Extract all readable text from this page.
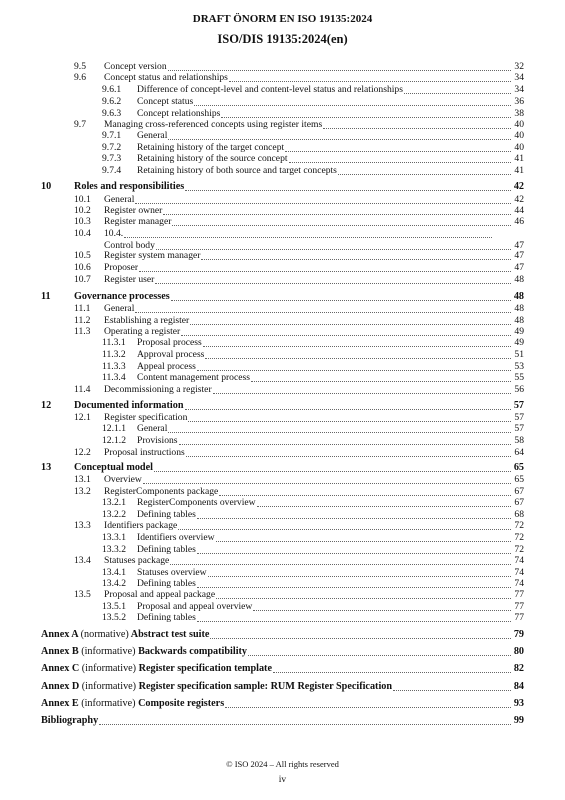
DRAFT ÖNORM EN ISO 19135:2024
ISO/DIS 19135:2024(en)
9.5 Concept version	32
9.6 Concept status and relationships	34
9.6.1 Difference of concept-level and content-level status and relationships	34
9.6.2 Concept status	36
9.6.3 Concept relationships	38
9.7 Managing cross-referenced concepts using register items	40
9.7.1 General	40
9.7.2 Retaining history of the target concept	40
9.7.3 Retaining history of the source concept	41
9.7.4 Retaining history of both source and target concepts	41
10 Roles and responsibilities	42
10.1 General	42
10.2 Register owner	44
10.3 Register manager	46
10.4 10.4.
Control body	47
10.5 Register system manager	47
10.6 Proposer	47
10.7 Register user	48
11 Governance processes	48
11.1 General	48
11.2 Establishing a register	48
11.3 Operating a register	49
11.3.1 Proposal process	49
11.3.2 Approval process	51
11.3.3 Appeal process	53
11.3.4 Content management process	55
11.4 Decommissioning a register	56
12 Documented information	57
12.1 Register specification	57
12.1.1 General	57
12.1.2 Provisions	58
12.2 Proposal instructions	64
13 Conceptual model	65
13.1 Overview	65
13.2 RegisterComponents package	67
13.2.1 RegisterComponents overview	67
13.2.2 Defining tables	68
13.3 Identifiers package	72
13.3.1 Identifiers overview	72
13.3.2 Defining tables	72
13.4 Statuses package	74
13.4.1 Statuses overview	74
13.4.2 Defining tables	74
13.5 Proposal and appeal package	77
13.5.1 Proposal and appeal overview	77
13.5.2 Defining tables	77
Annex A (normative) Abstract test suite	79
Annex B (informative) Backwards compatibility	80
Annex C (informative) Register specification template	82
Annex D (informative) Register specification sample: RUM Register Specification	84
Annex E (informative) Composite registers	93
Bibliography	99
© ISO 2024 – All rights reserved
iv
